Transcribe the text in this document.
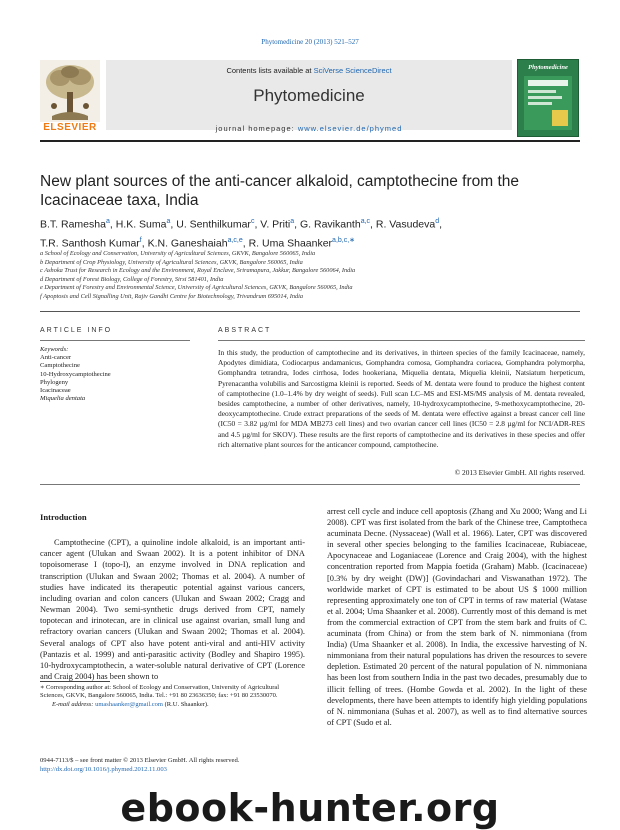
Phytomedicine 20 (2013) 521–527
Contents lists available at SciVerse ScienceDirect
Phytomedicine
journal homepage: www.elsevier.de/phymed
ELSEVIER
Phytomedicine
New plant sources of the anti-cancer alkaloid, camptothecine from the Icacinaceae taxa, India
B.T. Ramesha$^a$, H.K. Suma$^a$, U. Senthilkumar$^c$, V. Priti$^a$, G. Ravikanth$^{a,c}$, R. Vasudeva$^d$,
T.R. Santhosh Kumar$^f$, K.N. Ganeshaiah$^{a,c,e}$, R. Uma Shaanker$^{a,b,c,∗}$
a School of Ecology and Conservation, University of Agricultural Sciences, GKVK, Bangalore 560065, India
b Department of Crop Physiology, University of Agricultural Sciences, GKVK, Bangalore 560065, India
c Ashoka Trust for Research in Ecology and the Environment, Royal Enclave, Sriramapura, Jakkur, Bangalore 560064, India
d Department of Forest Biology, College of Forestry, Sirsi 581401, India
e Department of Forestry and Environmental Science, University of Agricultural Sciences, GKVK, Bangalore 560065, India
f Apoptosis and Cell Signalling Unit, Rajiv Gandhi Centre for Biotechnology, Trivandrum 695014, India
ARTICLE INFO
Keywords:
Anti-cancer
Camptothecine
10-Hydroxycamptothecine
Phylogeny
Icacinaceae
Miquelia dentata
ABSTRACT
In this study, the production of camptothecine and its derivatives, in thirteen species of the family Icacinaceae, namely, Apodytes dimidiata, Codiocarpus andamanicus, Gomphandra comosa, Gomphandra coriacea, Gomphandra polymorpha, Gomphandra tetrandra, Iodes cirrhosa, Iodes hookeriana, Miquelia dentata, Miquelia kleinii, Natsiatum herpeticum, Pyrenacantha volubilis and Sarcostigma kleinii is reported. Seeds of M. dentata were found to produce the highest content of camptothecine (1.0–1.4% by dry weight of seeds). Full scan LC–MS and ESI-MS/MS analysis of M. dentata revealed, besides camptothecine, a number of other derivatives, namely, 10-hydroxycamptothecine, 9-methoxycamptothecine, 20-deoxycamptothecine. Crude extract preparations of the seeds of M. dentata were effective against a breast cancer cell line (IC50 = 3.82 µg/ml for MDA MB273 cell lines) and two ovarian cancer cell lines (IC50 = 2.8 µg/ml for NCI/ADR-RES and 4.5 µg/ml for SKOV). These results are the first reports of camptothecine and its derivatives in these species and offer rich alternative plant sources for the anticancer compound, camptothecine.
© 2013 Elsevier GmbH. All rights reserved.

Introduction

Camptothecine (CPT), a quinoline indole alkaloid, is an important anti-cancer agent (Ulukan and Swaan 2002). It is a potent inhibitor of DNA topoisomerase I (topo-I), an enzyme involved in DNA replication and transcription (Ulukan and Swaan 2002; Thomas et al. 2004). A number of studies have indicated its therapeutic potential against various cancers, including ovarian and colon cancers (Ulukan and Swaan 2002; Cragg and Newman 2004). Two semi-synthetic drugs derived from CPT, namely topotecan and irinotecan, are in clinical use against ovarian, small lung and refractory ovarian cancers (Ulukan and Swaan 2002; Thomas et al. 2004). Several analogs of CPT also have potent anti-viral and anti-HIV activity (Pantazis et al. 1999) and anti-parasitic activity (Bodley and Shapiro 1995). 10-hydroxycamptothecin, a water-soluble natural derivative of CPT (Lorence and Craig 2004) has been shown to

arrest cell cycle and induce cell apoptosis (Zhang and Xu 2000; Wang and Li 2008). CPT was first isolated from the bark of the Chinese tree, Camptotheca acuminata Decne. (Nyssaceae) (Wall et al. 1966). Later, CPT was discovered in several other species belonging to the families Icacinaceae, Rubiaceae, Apocynaceae and Loganiaceae (Lorence and Craig 2004), with the highest concentration reported from Mappia foetida (Graham) Mabb. (Icacinaceae) [0.3% by dry weight (DW)] (Govindachari and Viswanathan 1972). The worldwide market of CPT is estimated to be about US $ 1000 million representing approximately one ton of CPT in terms of raw material (Watase et al. 2004; Uma Shaanker et al. 2008). Currently most of this demand is met from the commercial extraction of CPT from the stem bark and fruits of C. acuminata (from China) or from the stem bark of N. nimmoniana (from India) (Uma Shaanker et al. 2008). In India, the excessive harvesting of N. nimmoniana from their natural populations has driven the resources to severe depletion. Estimated 20 percent of the natural population of N. nimmoniana has been lost from southern India in the past two decades, presumably due to illicit felling of trees. (Hombe Gowda et al. 2002). In the light of these developments, there have been attempts to identify high yielding populations of N. nimmoniana (Suhas et al. 2007), as well as to find alternative sources of CPT (Sudo et al.

∗ Corresponding author at: School of Ecology and Conservation, University of Agricultural Sciences, GKVK, Bangalore 560065, India. Tel.: +91 80 23636350; fax: +91 80 23530070.
E-mail address: umashaanker@gmail.com (R.U. Shaanker).
0944-7113/$ – see front matter © 2013 Elsevier GmbH. All rights reserved.
http://dx.doi.org/10.1016/j.phymed.2012.11.003
ebook-hunter.org
